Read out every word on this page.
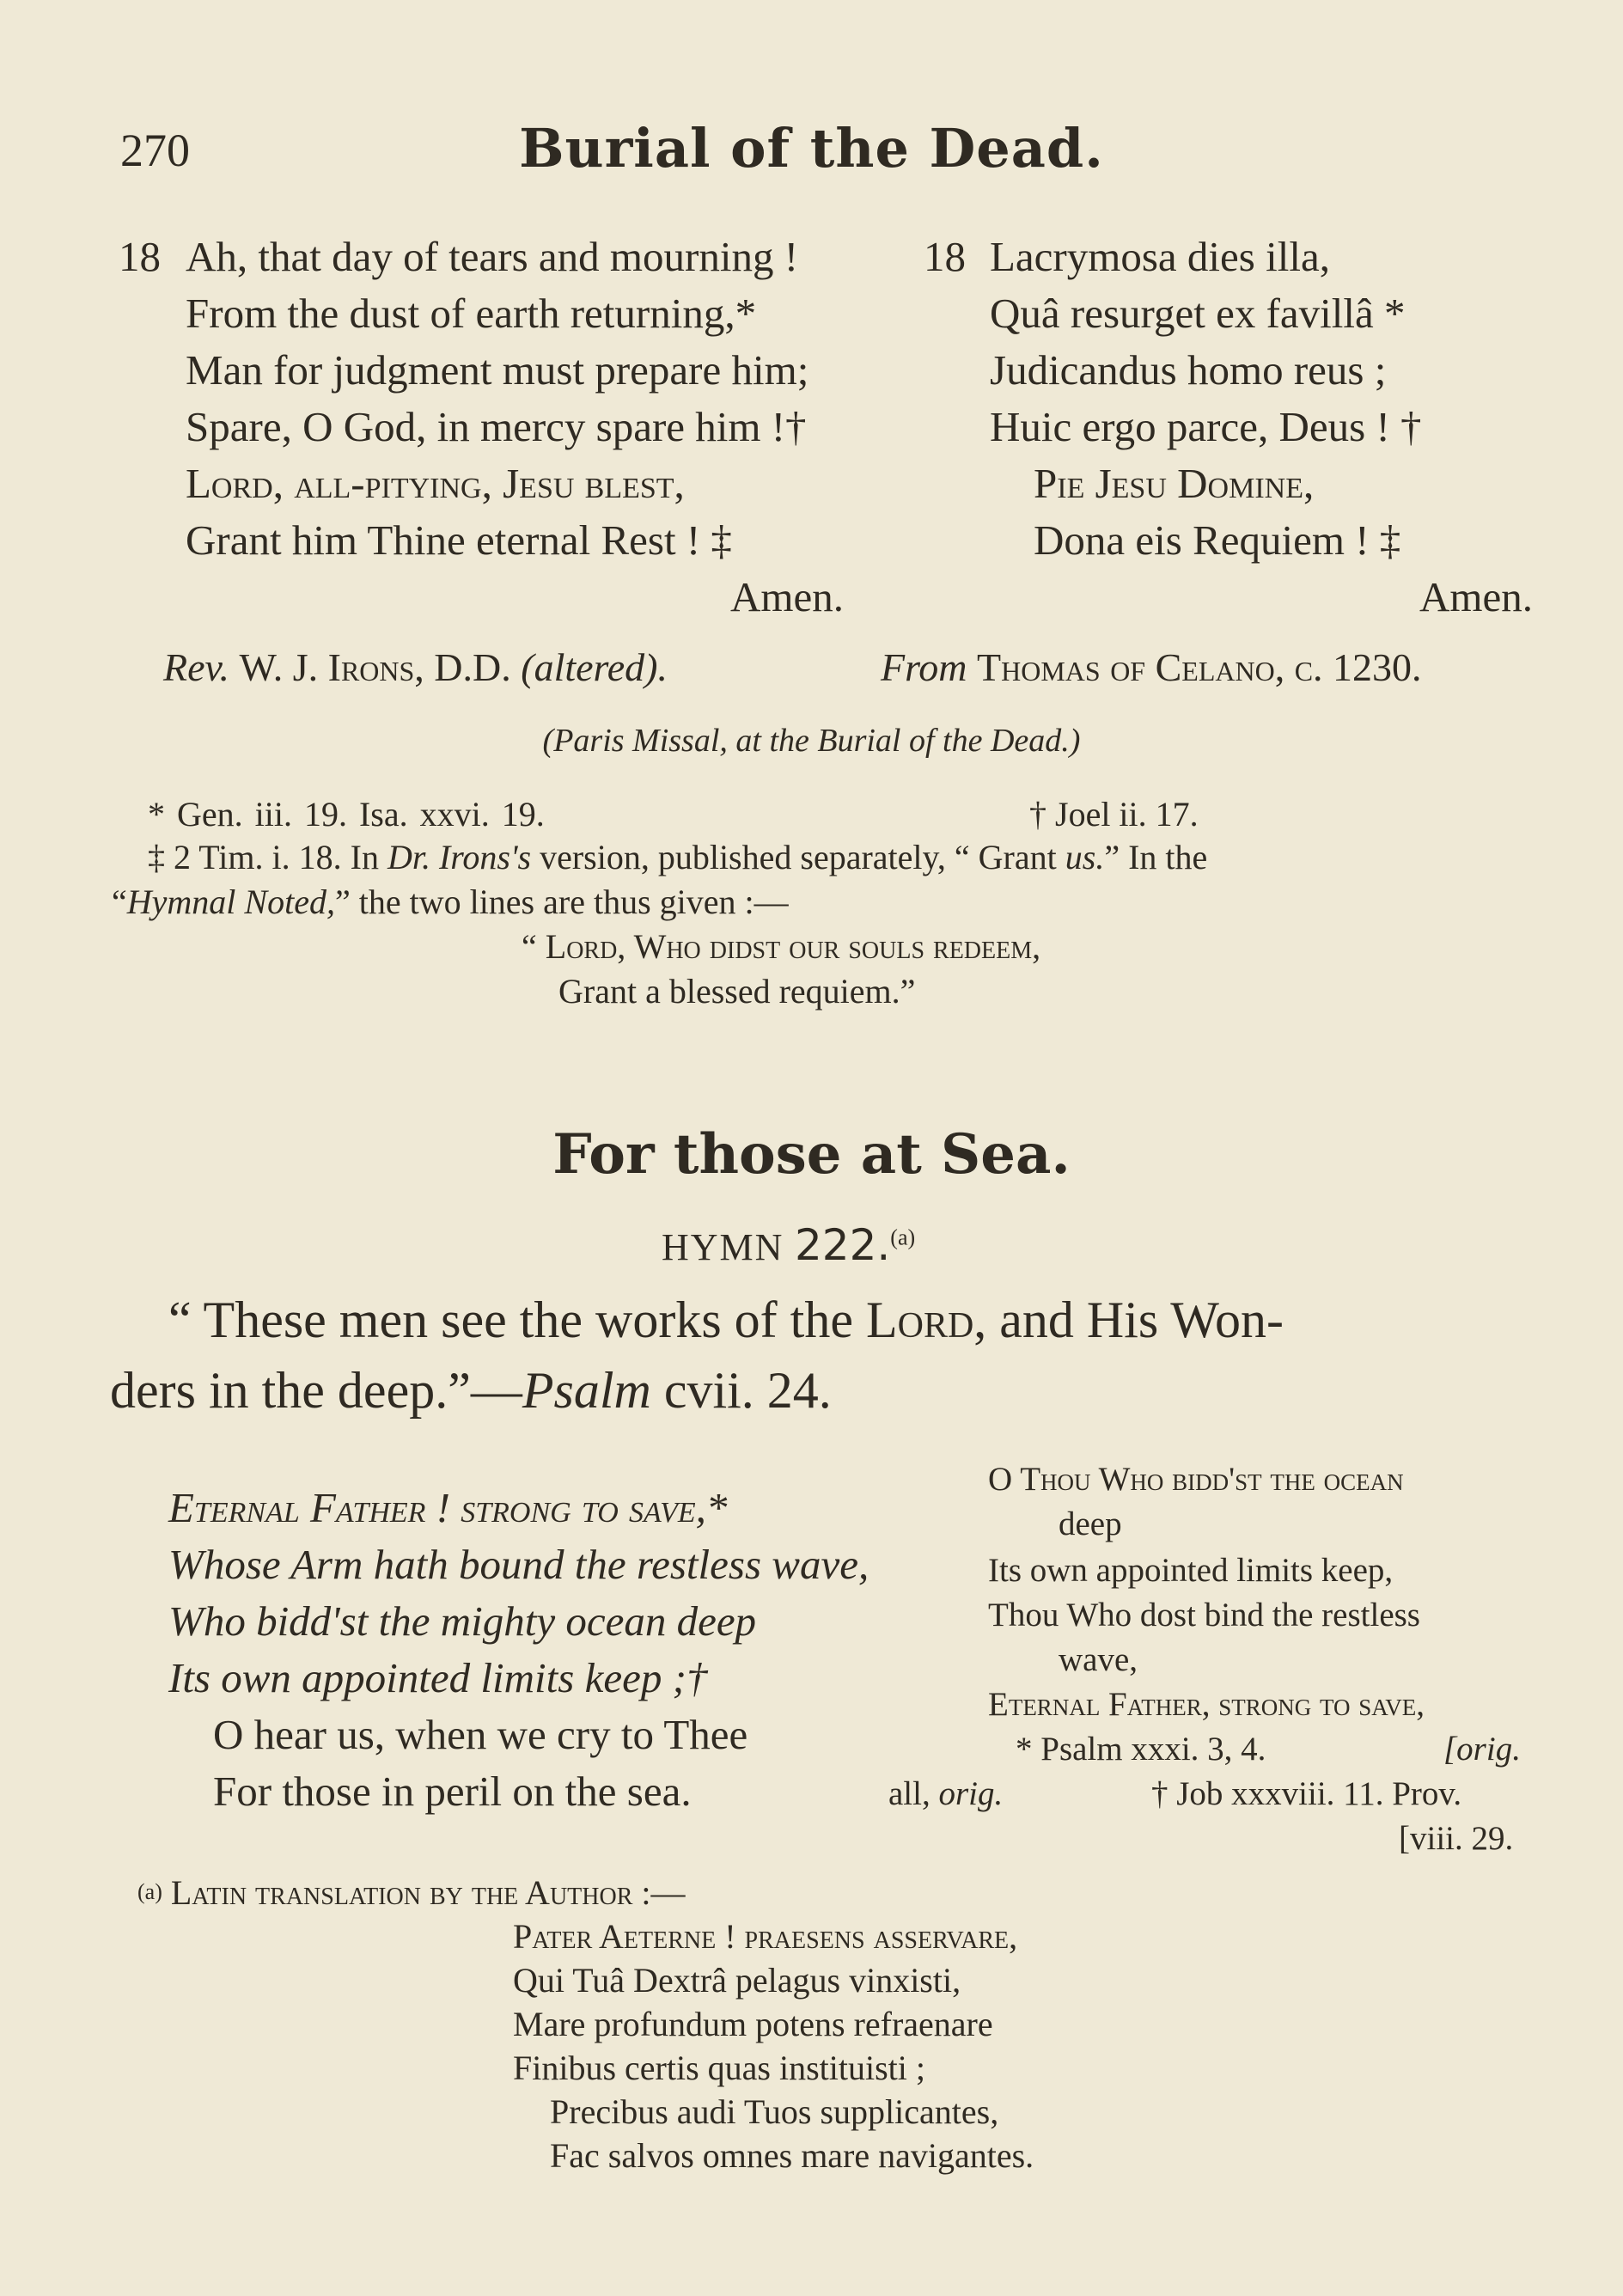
270	Burial of the Dead.
18 Ah, that day of tears and mourning !
From the dust of earth returning,*
Man for judgment must prepare him;
Spare, O God, in mercy spare him !†
Lord, all-pitying, Jesu blest,
Grant him Thine eternal Rest ! ‡
Amen.
18 Lacrymosa dies illa,
Quâ resurget ex favillâ *
Judicandus homo reus ;
Huic ergo parce, Deus ! †
Pie Jesu Domine,
Dona eis Requiem ! ‡
Amen.
Rev. W. J. Irons, D.D. (altered).	From Thomas of Celano, c. 1230.
(Paris Missal, at the Burial of the Dead.)
* Gen. iii. 19. Isa. xxvi. 19.	† Joel ii. 17.
‡ 2 Tim. i. 18. In Dr. Irons's version, published separately, “ Grant us.” In the
“Hymnal Noted,” the two lines are thus given :—
“ Lord, Who didst our souls redeem,
Grant a blessed requiem.”
For those at Sea.
HYMN 222.$^{(a)}$
“ These men see the works of the Lord, and His Won-
ders in the deep.”—Psalm cvii. 24.
Eternal Father ! strong to save,*
Whose Arm hath bound the restless wave,
Who bidd'st the mighty ocean deep
Its own appointed limits keep ;†
O hear us, when we cry to Thee
For those in peril on the sea.
O Thou Who bidd'st the ocean
deep
Its own appointed limits keep,
Thou Who dost bind the restless
wave,
Eternal Father, strong to save,
* Psalm xxxi. 3, 4.	[orig.
all, orig.	† Job xxxviii. 11. Prov.
[viii. 29.
(a) Latin translation by the Author :—
Pater Aeterne ! praesens asservare,
Qui Tuâ Dextrâ pelagus vinxisti,
Mare profundum potens refraenare
Finibus certis quas instituisti ;
Precibus audi Tuos supplicantes,
Fac salvos omnes mare navigantes.
